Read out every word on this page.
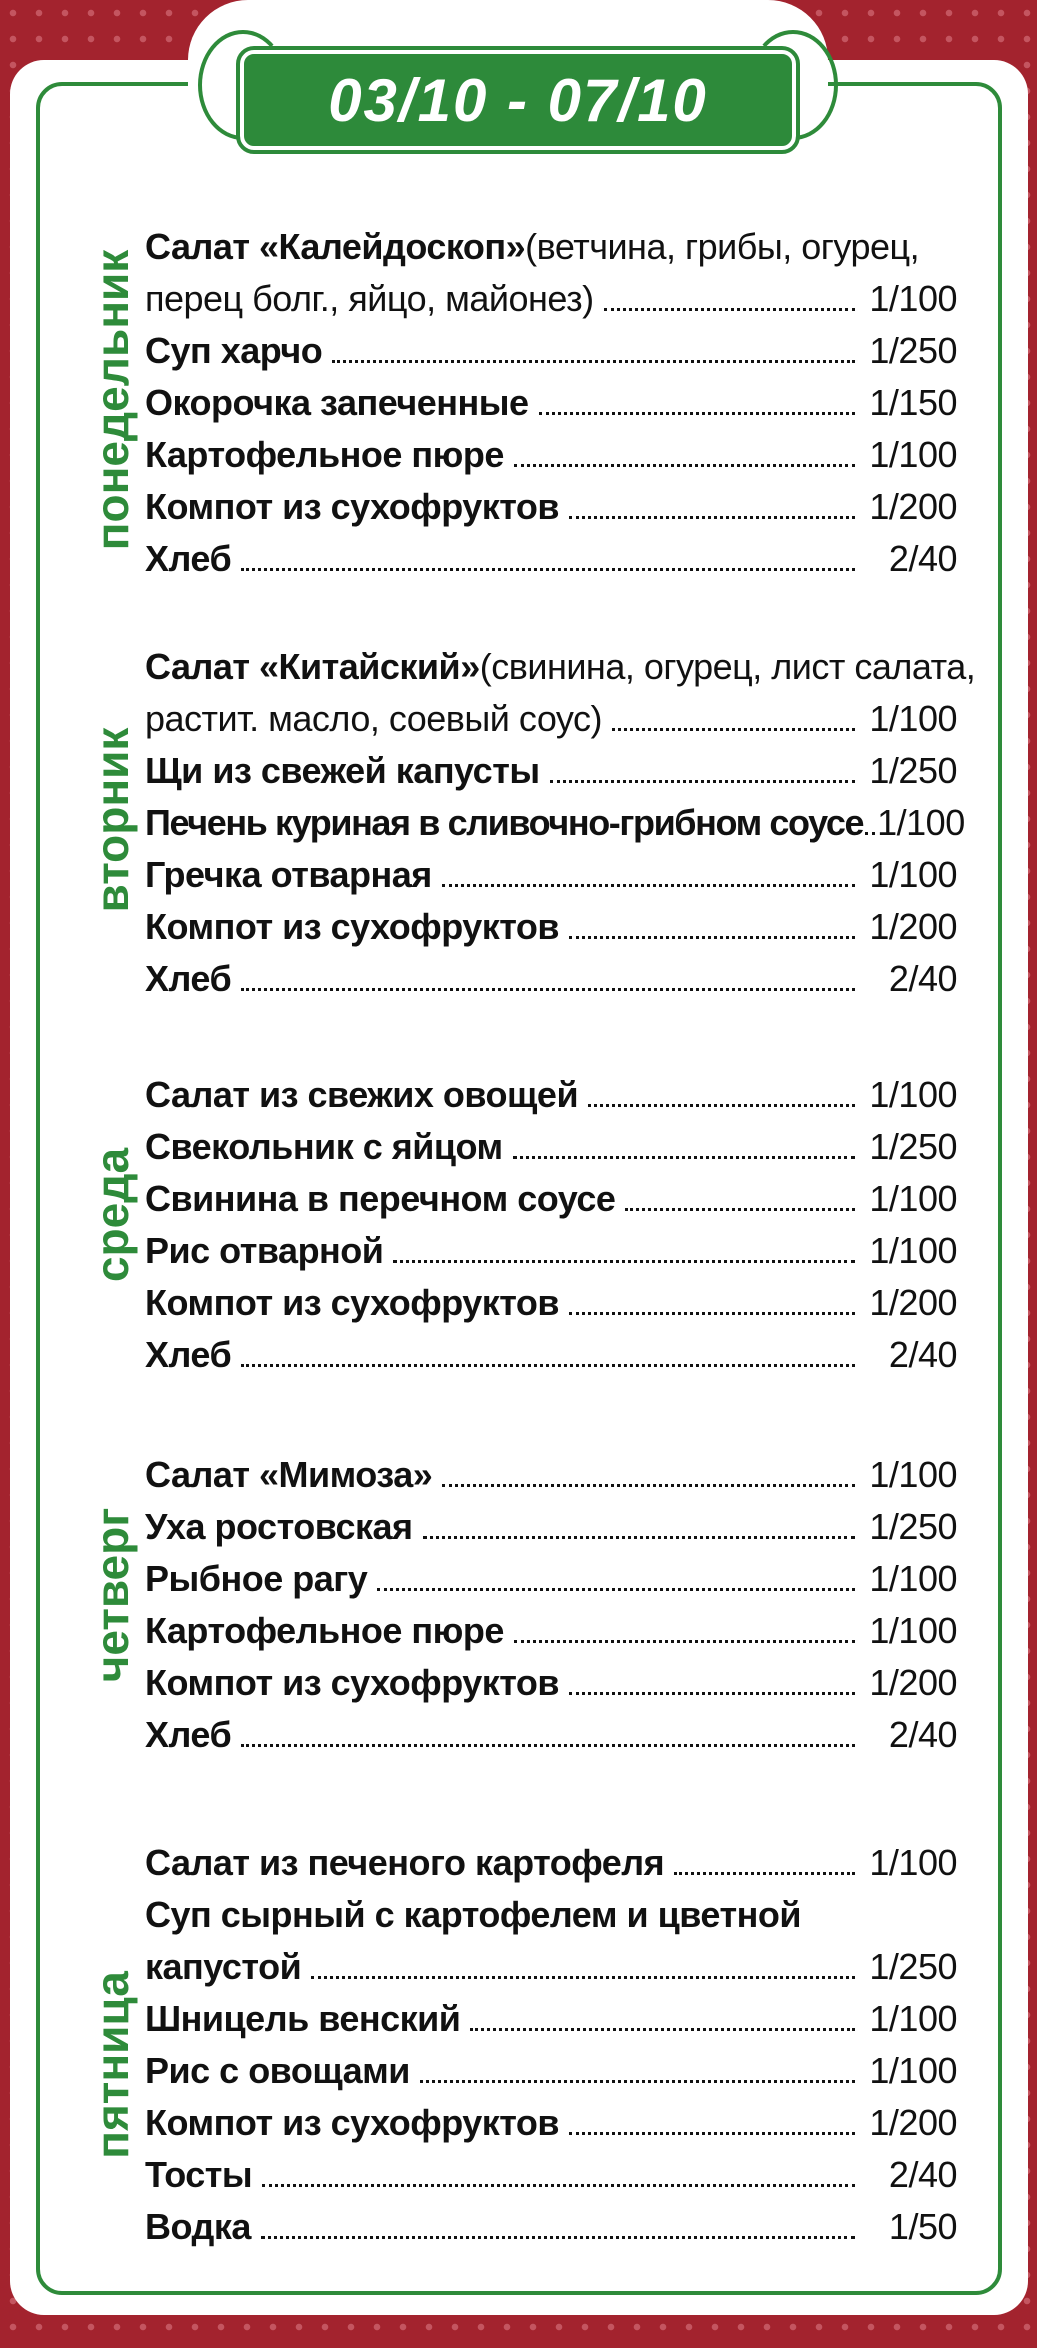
03/10 - 07/10
понедельник
Салат «Калейдоскоп» (ветчина, грибы, огурец,
перец болг., яйцо, майонез)	1/100
Суп харчо	1/250
Окорочка запеченные	1/150
Картофельное пюре	1/100
Компот из сухофруктов	1/200
Хлеб	2/40
вторник
Салат «Китайский» (свинина, огурец, лист салата,
растит. масло, соевый соус)	1/100
Щи из свежей капусты	1/250
Печень куриная в сливочно-грибном соусе 1/100
Гречка отварная	1/100
Компот из сухофруктов	1/200
Хлеб	2/40
среда
Салат из свежих овощей	1/100
Свекольник с яйцом	1/250
Свинина в перечном соусе	1/100
Рис отварной	1/100
Компот из сухофруктов	1/200
Хлеб	2/40
четверг
Салат «Мимоза»	1/100
Уха ростовская	1/250
Рыбное рагу	1/100
Картофельное пюре	1/100
Компот из сухофруктов	1/200
Хлеб	2/40
пятница
Салат из печеного картофеля	1/100
Суп сырный с картофелем и цветной
капустой	1/250
Шницель венский	1/100
Рис с овощами	1/100
Компот из сухофруктов	1/200
Тосты	2/40
Водка	1/50
